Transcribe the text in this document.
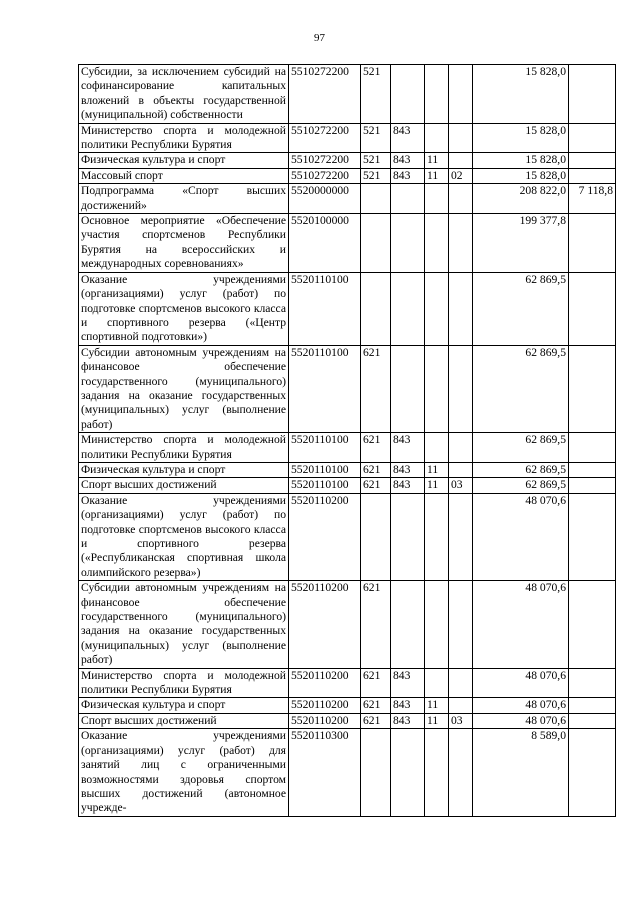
97
Субсидии, за исключением субсидий на софинансирование капитальных вложений в объекты государственной (муниципальной) собственности	5510272200	521				15 828,0	
Министерство спорта и молодежной политики Республики Бурятия	5510272200	521	843			15 828,0	
Физическая культура и спорт	5510272200	521	843	11		15 828,0	
Массовый спорт	5510272200	521	843	11	02	15 828,0	
Подпрограмма «Спорт высших достижений»	5520000000					208 822,0	7 118,8
Основное мероприятие «Обеспечение участия спортсменов Республики Бурятия на всероссийских и международных соревнованиях»	5520100000					199 377,8	
Оказание учреждениями (организациями) услуг (работ) по подготовке спортсменов высокого класса и спортивного резерва («Центр спортивной подготовки»)	5520110100					62 869,5	
Субсидии автономным учреждениям на финансовое обеспечение государственного (муниципального) задания на оказание государственных (муниципальных) услуг (выполнение работ)	5520110100	621				62 869,5	
Министерство спорта и молодежной политики Республики Бурятия	5520110100	621	843			62 869,5	
Физическая культура и спорт	5520110100	621	843	11		62 869,5	
Спорт высших достижений	5520110100	621	843	11	03	62 869,5	
Оказание учреждениями (организациями) услуг (работ) по подготовке спортсменов высокого класса и спортивного резерва («Республиканская спортивная школа олимпийского резерва»)	5520110200					48 070,6	
Субсидии автономным учреждениям на финансовое обеспечение государственного (муниципального) задания на оказание государственных (муниципальных) услуг (выполнение работ)	5520110200	621				48 070,6	
Министерство спорта и молодежной политики Республики Бурятия	5520110200	621	843			48 070,6	
Физическая культура и спорт	5520110200	621	843	11		48 070,6	
Спорт высших достижений	5520110200	621	843	11	03	48 070,6	
Оказание учреждениями (организациями) услуг (работ) для занятий лиц с ограниченными возможностями здоровья спортом высших достижений (автономное учрежде-	5520110300					8 589,0	
